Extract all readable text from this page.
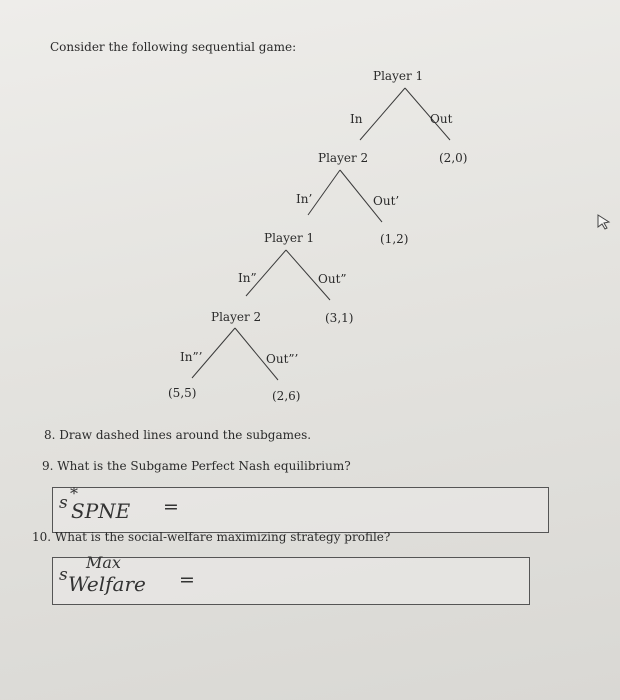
Consider the following sequential game:
Player 1
Player 2
Player 1
Player 2
In	Out
In’	Out’
In”	Out”
In”’	Out”’
(2,0)
(1,2)
(3,1)
(5,5)	(2,6)
8. Draw dashed lines around the subgames.
9. What is the Subgame Perfect Nash equilibrium?
*
s SPNE =
10. What is the social-welfare maximizing strategy profile?
Max
s Welfare =
